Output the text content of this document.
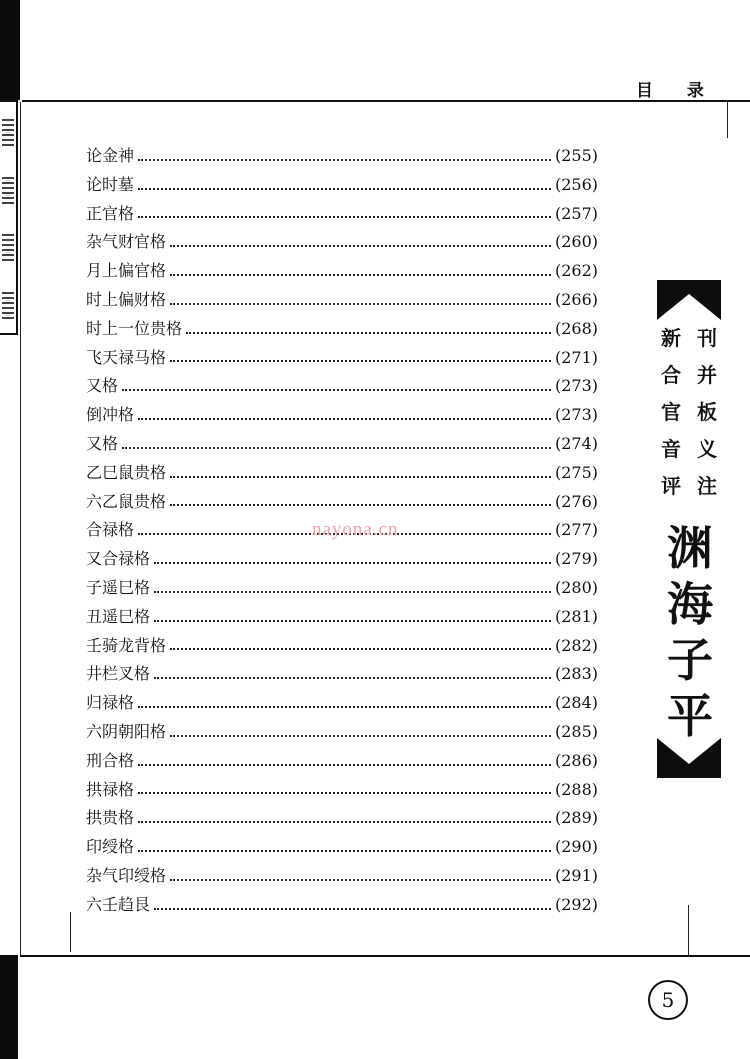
目 录
论金神	(255)
论时墓	(256)
正官格	(257)
杂气财官格	(260)
月上偏官格	(262)
时上偏财格	(266)
时上一位贵格	(268)
飞天禄马格	(271)
又格	(273)
倒冲格	(273)
又格	(274)
乙巳鼠贵格	(275)
六乙鼠贵格	(276)
合禄格	(277)
又合禄格	(279)
子遥巳格	(280)
丑遥巳格	(281)
壬骑龙背格	(282)
井栏叉格	(283)
归禄格	(284)
六阴朝阳格	(285)
刑合格	(286)
拱禄格	(288)
拱贵格	(289)
印绶格	(290)
杂气印绶格	(291)
六壬趋艮	(292)
nayona.cn
新 刊
合 并
官 板
音 义
评 注
渊
海
子
平
5
